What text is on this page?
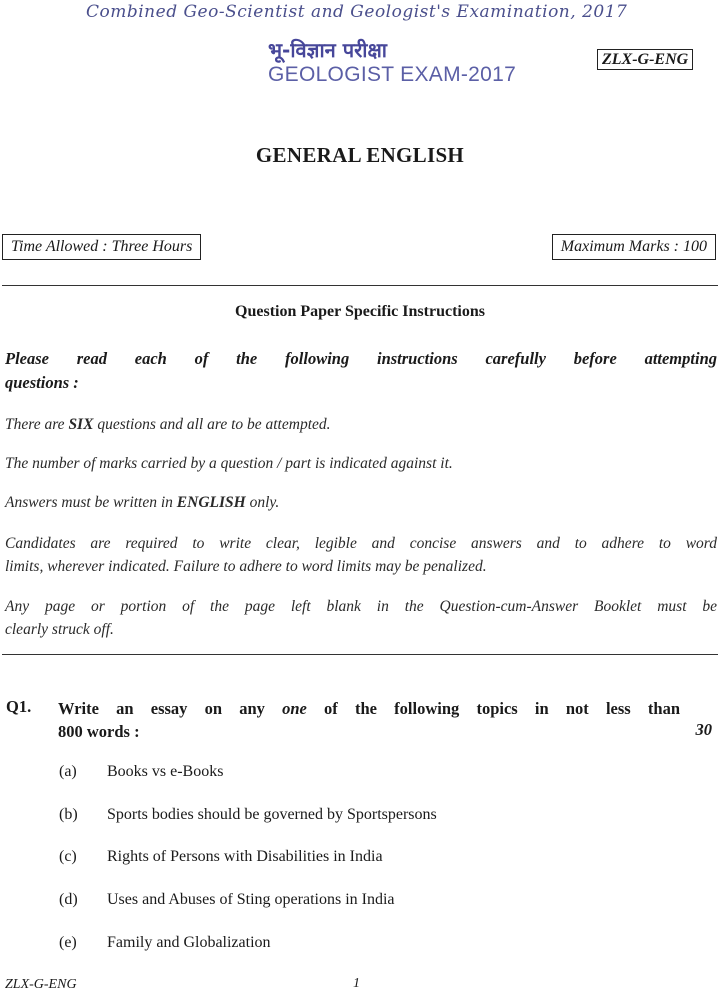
Combined Geo-Scientist and Geologist's Examination, 2017
भू-विज्ञान परीक्षा
GEOLOGIST EXAM-2017
ZLX-G-ENG
GENERAL ENGLISH
Time Allowed : Three Hours	Maximum Marks : 100
Question Paper Specific Instructions
Please read each of the following instructions carefully before attempting
questions :
There are SIX questions and all are to be attempted.
The number of marks carried by a question / part is indicated against it.
Answers must be written in ENGLISH only.
Candidates are required to write clear, legible and concise answers and to adhere to word
limits, wherever indicated. Failure to adhere to word limits may be penalized.
Any page or portion of the page left blank in the Question-cum-Answer Booklet must be
clearly struck off.
Q1. Write an essay on any one of the following topics in not less than
800 words :	30
(a) Books vs e-Books
(b) Sports bodies should be governed by Sportspersons
(c) Rights of Persons with Disabilities in India
(d) Uses and Abuses of Sting operations in India
(e) Family and Globalization
ZLX-G-ENG	1
